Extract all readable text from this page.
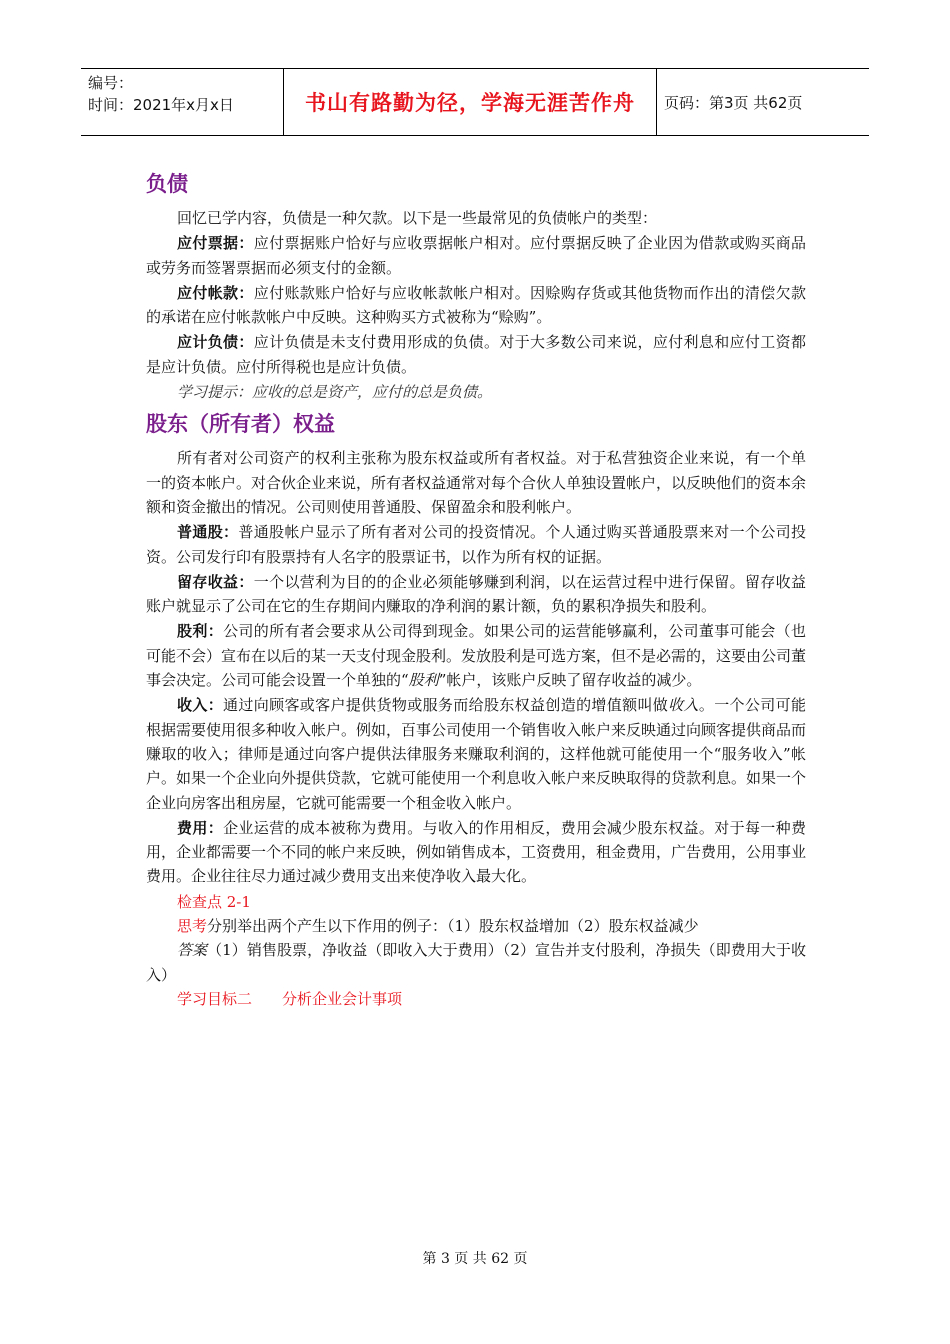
编号：
时间：2021年x月x日	书山有路勤为径，学海无涯苦作舟	页码：第3页 共62页
负债

回忆已学内容，负债是一种欠款。以下是一些最常见的负债帐户的类型：

应付票据：应付票据账户恰好与应收票据帐户相对。应付票据反映了企业因为借款或购买商品或劳务而签署票据而必须支付的金额。

应付帐款：应付账款账户恰好与应收帐款帐户相对。因赊购存货或其他货物而作出的清偿欠款的承诺在应付帐款帐户中反映。这种购买方式被称为“赊购”。

应计负债：应计负债是未支付费用形成的负债。对于大多数公司来说，应付利息和应付工资都是应计负债。应付所得税也是应计负债。

学习提示：应收的总是资产，应付的总是负债。

股东（所有者）权益

所有者对公司资产的权利主张称为股东权益或所有者权益。对于私营独资企业来说，有一个单一的资本帐户。对合伙企业来说，所有者权益通常对每个合伙人单独设置帐户，以反映他们的资本余额和资金撤出的情况。公司则使用普通股、保留盈余和股利帐户。

普通股：普通股帐户显示了所有者对公司的投资情况。个人通过购买普通股票来对一个公司投资。公司发行印有股票持有人名字的股票证书，以作为所有权的证据。

留存收益：一个以营利为目的的企业必须能够赚到利润，以在运营过程中进行保留。留存收益账户就显示了公司在它的生存期间内赚取的净利润的累计额，负的累积净损失和股利。

股利：公司的所有者会要求从公司得到现金。如果公司的运营能够赢利，公司董事可能会（也可能不会）宣布在以后的某一天支付现金股利。发放股利是可选方案，但不是必需的，这要由公司董事会决定。公司可能会设置一个单独的“股利”帐户，该账户反映了留存收益的减少。

收入：通过向顾客或客户提供货物或服务而给股东权益创造的增值额叫做收入。一个公司可能根据需要使用很多种收入帐户。例如，百事公司使用一个销售收入帐户来反映通过向顾客提供商品而赚取的收入；律师是通过向客户提供法律服务来赚取利润的，这样他就可能使用一个“服务收入”帐户。如果一个企业向外提供贷款，它就可能使用一个利息收入帐户来反映取得的贷款利息。如果一个企业向房客出租房屋，它就可能需要一个租金收入帐户。

费用：企业运营的成本被称为费用。与收入的作用相反，费用会减少股东权益。对于每一种费用，企业都需要一个不同的帐户来反映，例如销售成本，工资费用，租金费用，广告费用，公用事业费用。企业往往尽力通过减少费用支出来使净收入最大化。

检查点 2-1

思考分别举出两个产生以下作用的例子：（1）股东权益增加（2）股东权益减少

答案（1）销售股票，净收益（即收入大于费用）（2）宣告并支付股利，净损失（即费用大于收入）

学习目标二 分析企业会计事项

第 3 页 共 62 页
